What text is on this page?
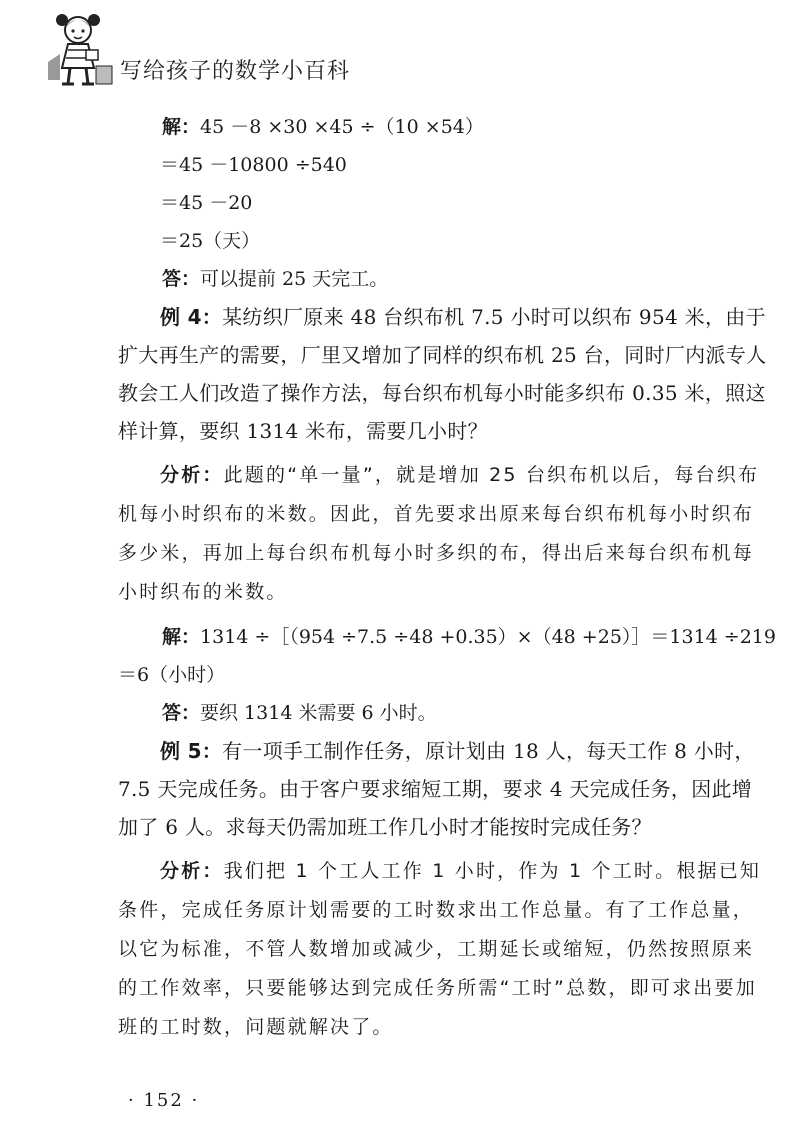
写给孩子的数学小百科
解：45 －8 ×30 ×45 ÷（10 ×54）
＝45 －10800 ÷540
＝45 －20
＝25（天）
答：可以提前 25 天完工。
例 4：某纺织厂原来 48 台织布机 7.5 小时可以织布 954 米，由于扩大再生产的需要，厂里又增加了同样的织布机 25 台，同时厂内派专人教会工人们改造了操作方法，每台织布机每小时能多织布 0.35 米，照这样计算，要织 1314 米布，需要几小时？
分析：此题的“单一量”，就是增加 25 台织布机以后，每台织布机每小时织布的米数。因此，首先要求出原来每台织布机每小时织布多少米，再加上每台织布机每小时多织的布，得出后来每台织布机每小时织布的米数。
解：1314 ÷［（954 ÷7.5 ÷48 +0.35）×（48 +25）］＝1314 ÷219
＝6（小时）
答：要织 1314 米需要 6 小时。
例 5：有一项手工制作任务，原计划由 18 人，每天工作 8 小时，7.5 天完成任务。由于客户要求缩短工期，要求 4 天完成任务，因此增加了 6 人。求每天仍需加班工作几小时才能按时完成任务？
分析：我们把 1 个工人工作 1 小时，作为 1 个工时。根据已知条件，完成任务原计划需要的工时数求出工作总量。有了工作总量，以它为标准，不管人数增加或减少，工期延长或缩短，仍然按照原来的工作效率，只要能够达到完成任务所需“工时”总数，即可求出要加班的工时数，问题就解决了。
· 152 ·
